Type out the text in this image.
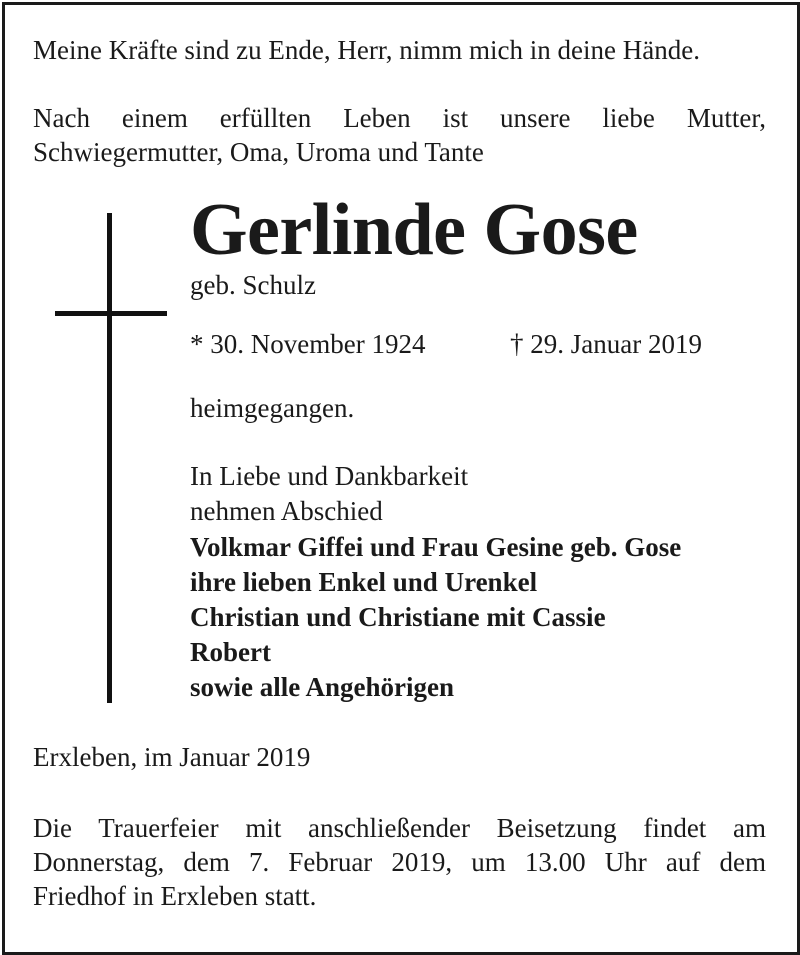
Meine Kräfte sind zu Ende, Herr, nimm mich in deine Hände.
Nach einem erfüllten Leben ist unsere liebe Mutter,
Schwiegermutter, Oma, Uroma und Tante
Gerlinde Gose
geb. Schulz
* 30. November 1924	† 29. Januar 2019
heimgegangen.
In Liebe und Dankbarkeit
nehmen Abschied
Volkmar Giffei und Frau Gesine geb. Gose
ihre lieben Enkel und Urenkel
Christian und Christiane mit Cassie
Robert
sowie alle Angehörigen
Erxleben, im Januar 2019
Die Trauerfeier mit anschließender Beisetzung findet am
Donnerstag, dem 7. Februar 2019, um 13.00 Uhr auf dem
Friedhof in Erxleben statt.
